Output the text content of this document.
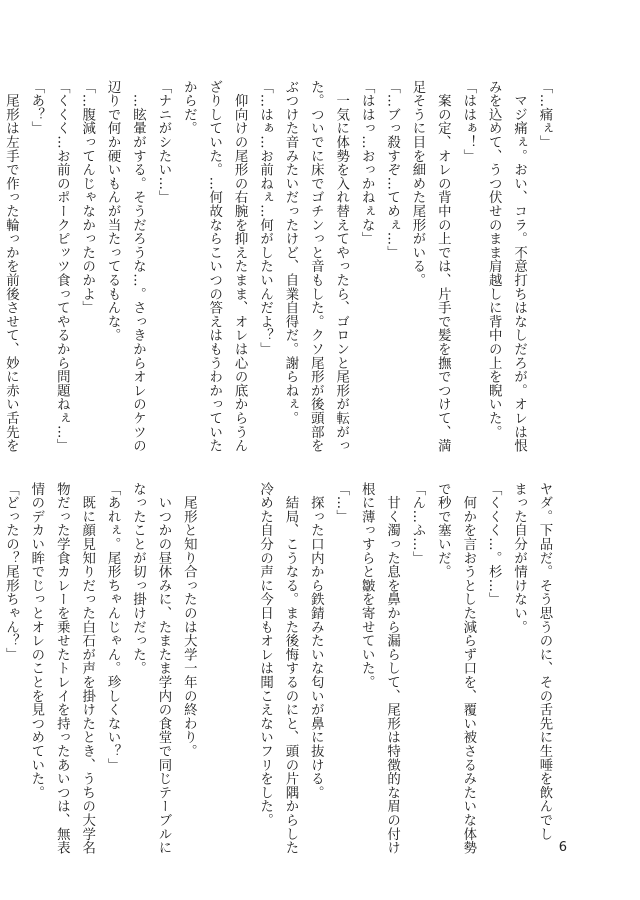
「…痛ぇ」

　マジ痛ぇ。おい、コラ。不意打ちはなしだろが。オレは恨

みを込めて、うつ伏せのまま肩越しに背中の上を睨いた。

「ははぁ！」

　案の定、オレの背中の上では、片手で髪を撫でつけて、満

足そうに目を細めた尾形がいる。

「…ブっ殺すぞ…てめぇ…」

「ははっ…おっかねぇな」

　一気に体勢を入れ替えてやったら、ゴロンと尾形が転がっ

た。ついでに床でゴチンっと音もした。クソ尾形が後頭部を

ぶつけた音みたいだったけど、自業自得だ。謝らねぇ。

「…はぁ…お前ねぇ…何がしたいんだよ？」

　仰向けの尾形の右腕を抑えたまま、オレは心の底からうん

ざりしていた。…何故ならこいつの答えはもうわかっていた

からだ。

「ナニがシたい…」

　…眩暈がする。そうだろうな…。さっきからオレのケツの

辺りで何か硬いもんが当たってるもんな。

「…腹減ってんじゃなかったのかよ」

「くくく…お前のポークピッツ食ってやるから問題ねぇ…」

「あ？」

　尾形は左手で作った輪っかを前後させて、妙に赤い舌先を

ヤダ。下品だ。そう思うのに、その舌先に生唾を飲んでし

まった自分が情けない。

「くくく…。杉…」

　何かを言おうとした減らず口を、覆い被さるみたいな体勢

で秒で塞いだ。

「ん…ふ…」

　甘く濁った息を鼻から漏らして、尾形は特徴的な眉の付け

根に薄っすらと皺を寄せていた。

「…」

　探った口内から鉄錆みたいな匂いが鼻に抜ける。

　結局、こうなる。また後悔するのにと、頭の片隅からした

冷めた自分の声に今日もオレは聞こえないフリをした。

　尾形と知り合ったのは大学一年の終わり。

　いつかの昼休みに、たまたま学内の食堂で同じテーブルに

なったことが切っ掛けだった。

「あれぇ。尾形ちゃんじゃん。珍しくない？」

　既に顔見知りだった白石が声を掛けたとき、うちの大学名

物だった学食カレーを乗せたトレイを持ったあいつは、無表

情のデカい眸でじっとオレのことを見つめていた。

「どったの？尾形ちゃん？」

6
